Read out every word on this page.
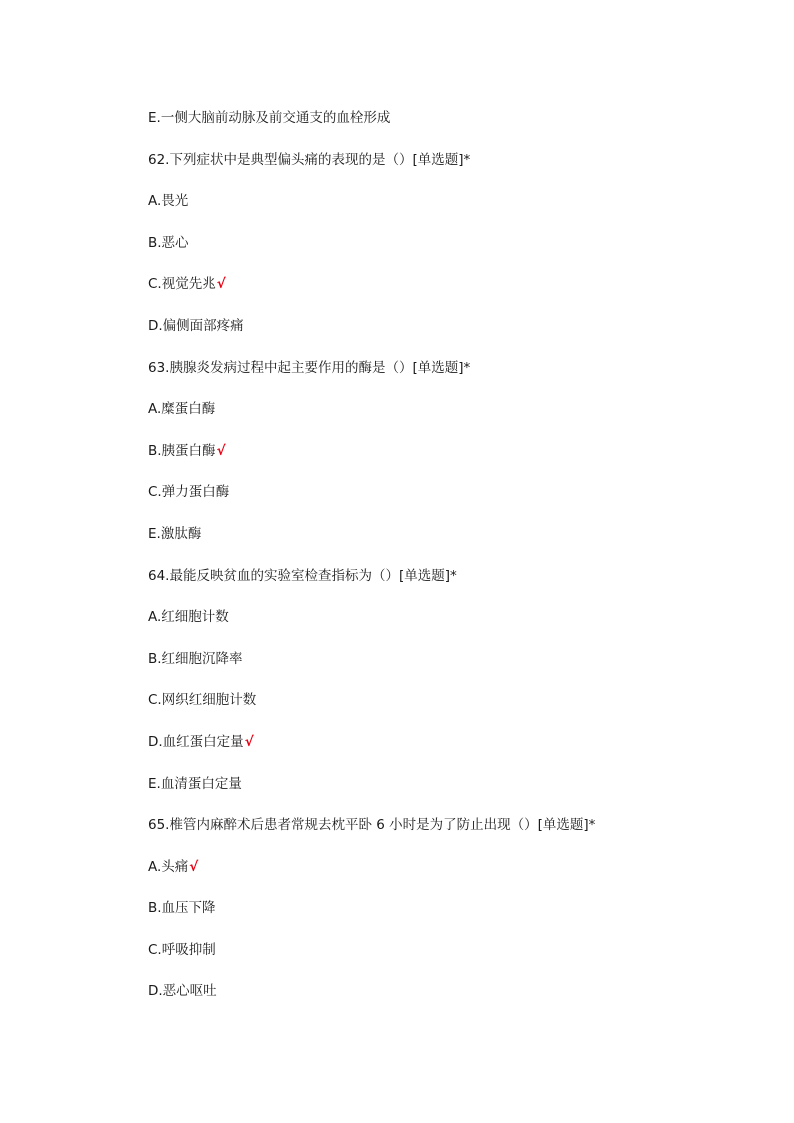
E.一侧大脑前动脉及前交通支的血栓形成
62.下列症状中是典型偏头痛的表现的是（）[单选题]*
A.畏光
B.恶心
C.视觉先兆√
D.偏侧面部疼痛
63.胰腺炎发病过程中起主要作用的酶是（）[单选题]*
A.糜蛋白酶
B.胰蛋白酶√
C.弹力蛋白酶
E.激肽酶
64.最能反映贫血的实验室检查指标为（）[单选题]*
A.红细胞计数
B.红细胞沉降率
C.网织红细胞计数
D.血红蛋白定量√
E.血清蛋白定量
65.椎管内麻醉术后患者常规去枕平卧 6 小时是为了防止出现（）[单选题]*
A.头痛√
B.血压下降
C.呼吸抑制
D.恶心呕吐
